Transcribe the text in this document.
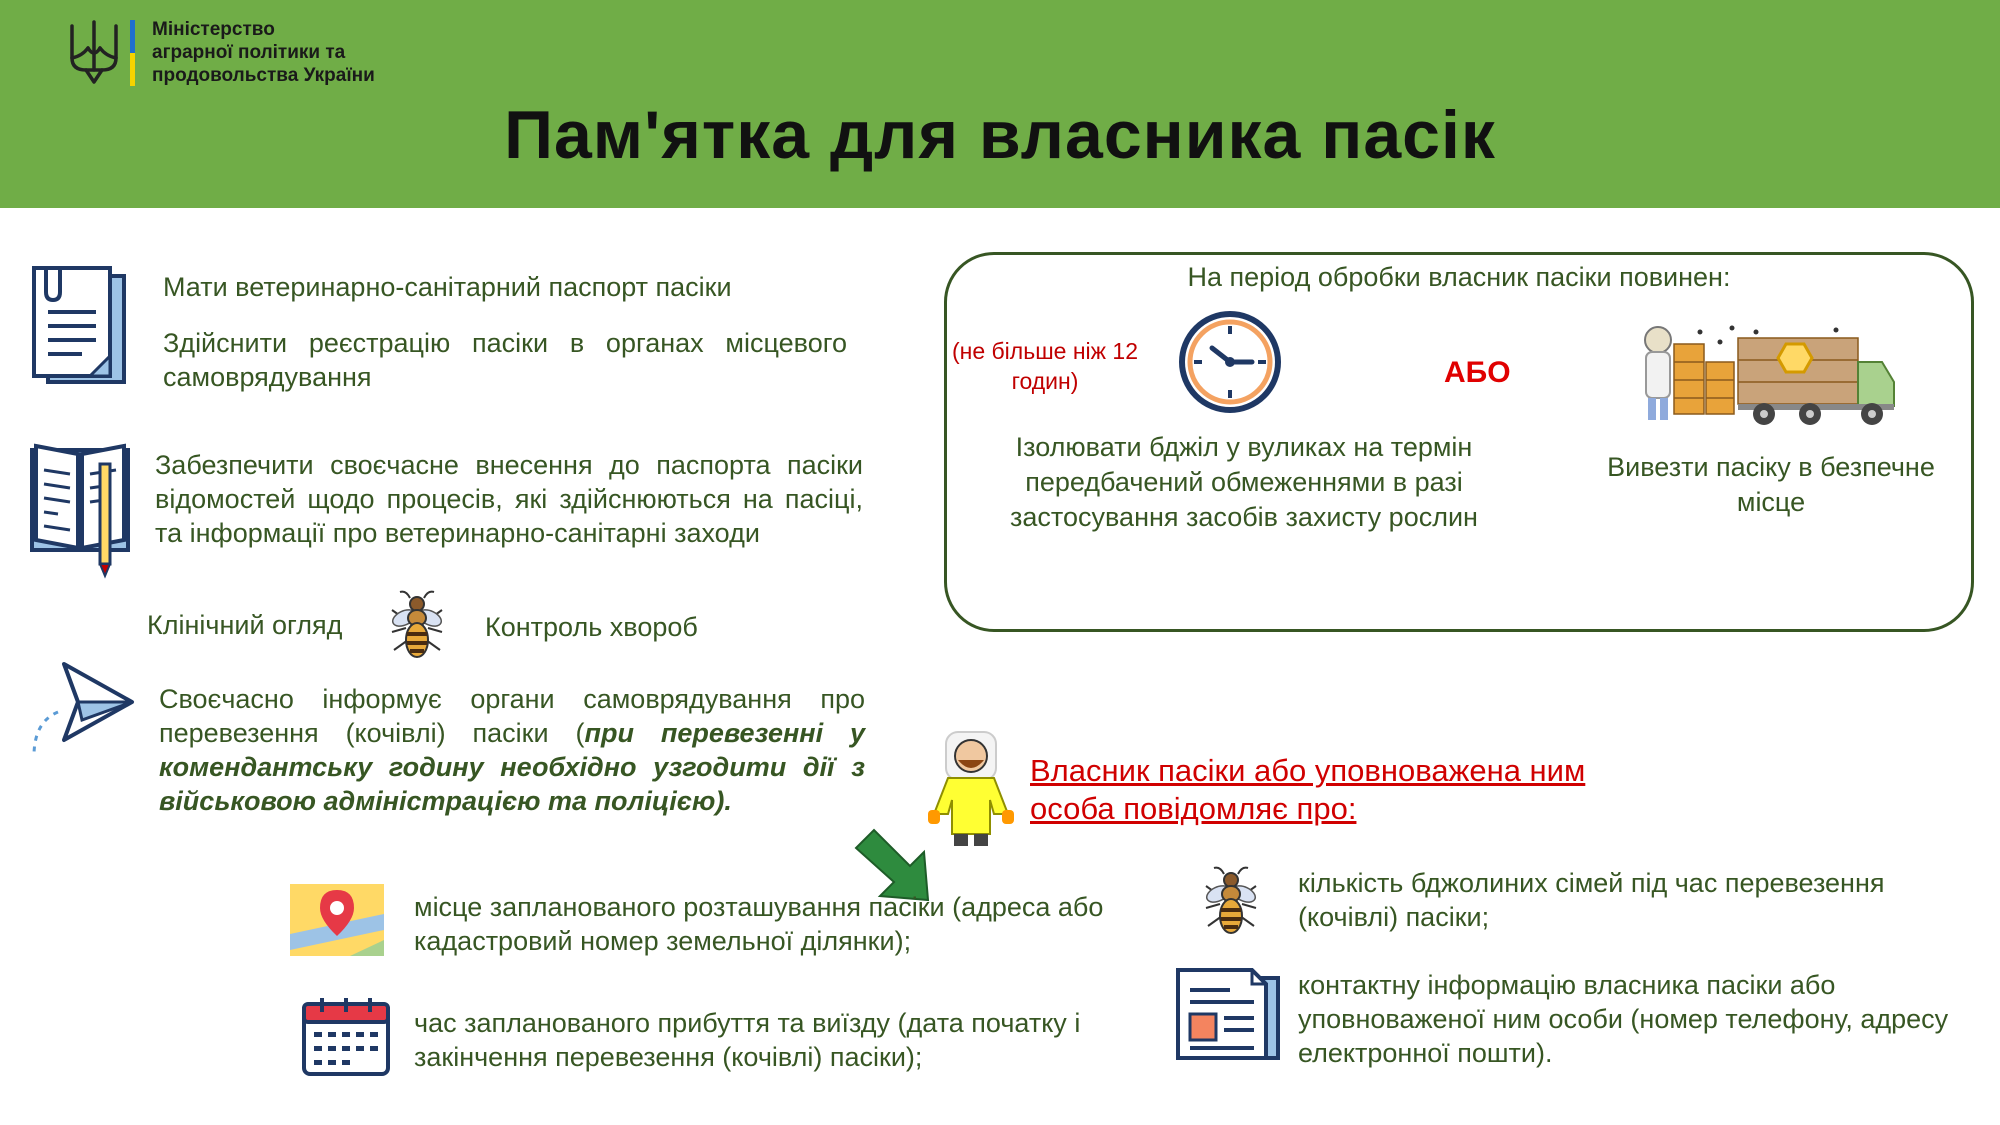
Міністерство
аграрної політики та
продовольства України
Пам'ятка для власника пасік
Мати ветеринарно-санітарний паспорт пасіки
Здійснити реєстрацію пасіки в органах місцевого самоврядування
Забезпечити своєчасне внесення до паспорта пасіки відомостей щодо процесів, які здійснюються на пасіці, та інформації про ветеринарно-санітарні заходи
Клінічний огляд	Контроль хвороб
Своєчасно інформує органи самоврядування про перевезення (кочівлі) пасіки (при перевезенні у комендантську годину необхідно узгодити дії з військовою адміністрацією та поліцією).
На період обробки власник пасіки повинен:
(не більше ніж 12 годин)	АБО
Ізолювати бджіл у вуликах на термін передбачений обмеженнями в разі застосування засобів захисту рослин
Вивезти пасіку в безпечне місце
Власник пасіки або уповноважена ним особа повідомляє про:
місце запланованого розташування пасіки (адреса або кадастровий номер земельної ділянки);
час запланованого прибуття та виїзду (дата початку і закінчення перевезення (кочівлі) пасіки);
кількість бджолиних сімей під час перевезення (кочівлі) пасіки;
контактну інформацію власника пасіки або уповноваженої ним особи (номер телефону, адресу електронної пошти).
